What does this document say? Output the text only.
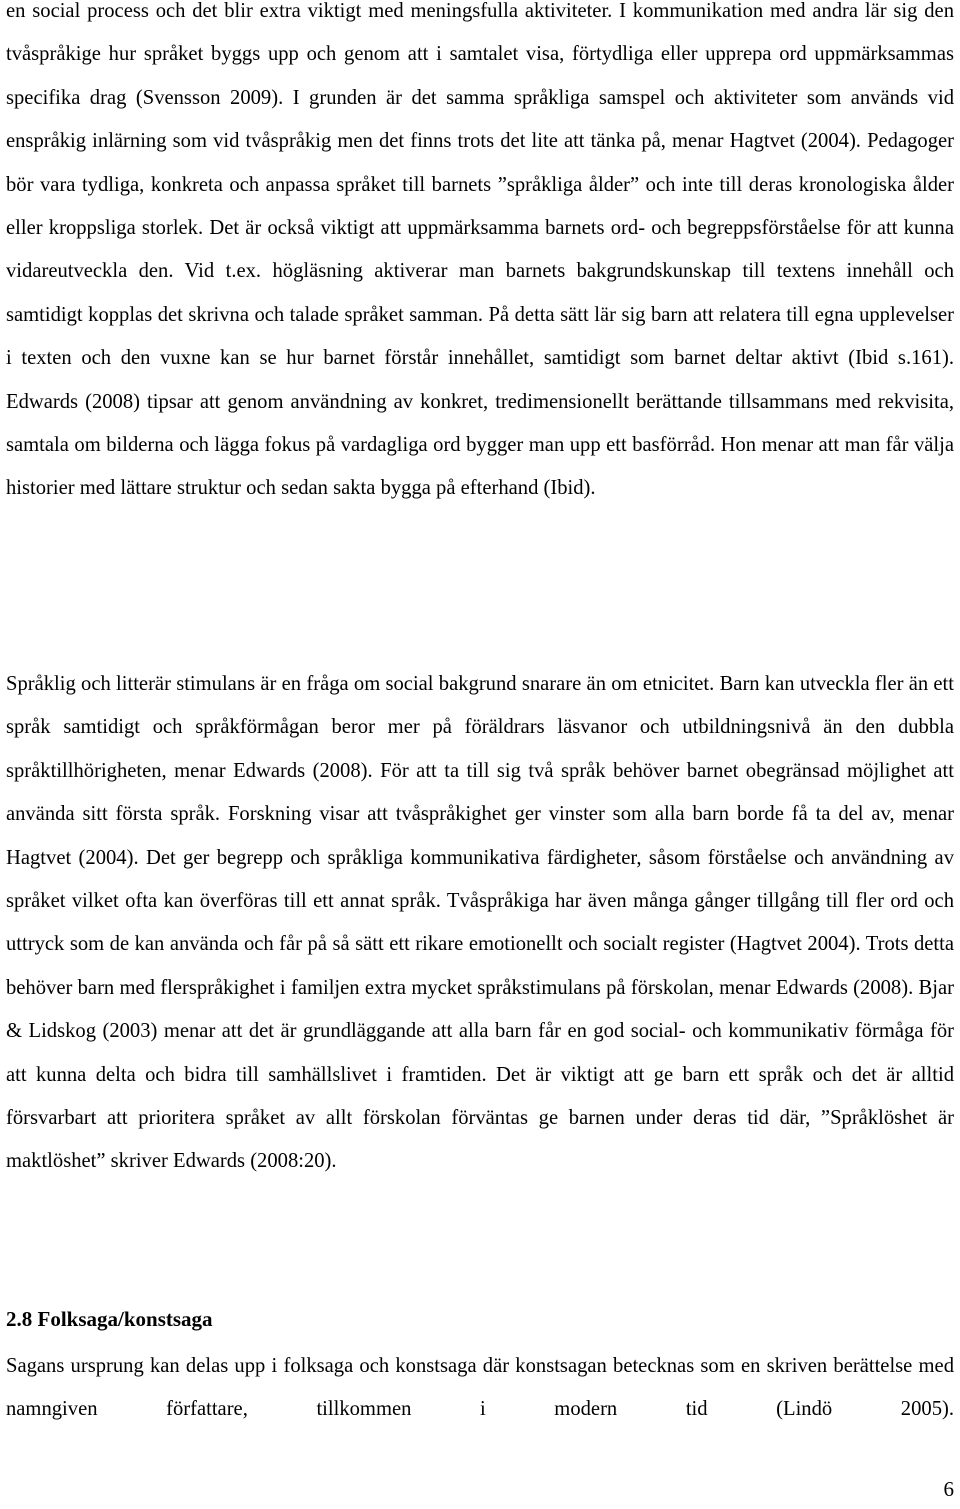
en social process och det blir extra viktigt med meningsfulla aktiviteter. I kommunikation med andra lär sig den tvåspråkige hur språket byggs upp och genom att i samtalet visa, förtydliga eller upprepa ord uppmärksammas specifika drag (Svensson 2009). I grunden är det samma språkliga samspel och aktiviteter som används vid enspråkig inlärning som vid tvåspråkig men det finns trots det lite att tänka på, menar Hagtvet (2004). Pedagoger bör vara tydliga, konkreta och anpassa språket till barnets ”språkliga ålder” och inte till deras kronologiska ålder eller kroppsliga storlek. Det är också viktigt att uppmärksamma barnets ord- och begreppsförståelse för att kunna vidareutveckla den. Vid t.ex. högläsning aktiverar man barnets bakgrundskunskap till textens innehåll och samtidigt kopplas det skrivna och talade språket samman. På detta sätt lär sig barn att relatera till egna upplevelser i texten och den vuxne kan se hur barnet förstår innehållet, samtidigt som barnet deltar aktivt (Ibid s.161). Edwards (2008) tipsar att genom användning av konkret, tredimensionellt berättande tillsammans med rekvisita, samtala om bilderna och lägga fokus på vardagliga ord bygger man upp ett basförråd. Hon menar att man får välja historier med lättare struktur och sedan sakta bygga på efterhand (Ibid).

Språklig och litterär stimulans är en fråga om social bakgrund snarare än om etnicitet. Barn kan utveckla fler än ett språk samtidigt och språkförmågan beror mer på föräldrars läsvanor och utbildningsnivå än den dubbla språktillhörigheten, menar Edwards (2008). För att ta till sig två språk behöver barnet obegränsad möjlighet att använda sitt första språk. Forskning visar att tvåspråkighet ger vinster som alla barn borde få ta del av, menar Hagtvet (2004). Det ger begrepp och språkliga kommunikativa färdigheter, såsom förståelse och användning av språket vilket ofta kan överföras till ett annat språk. Tvåspråkiga har även många gånger tillgång till fler ord och uttryck som de kan använda och får på så sätt ett rikare emotionellt och socialt register (Hagtvet 2004). Trots detta behöver barn med flerspråkighet i familjen extra mycket språkstimulans på förskolan, menar Edwards (2008). Bjar & Lidskog (2003) menar att det är grundläggande att alla barn får en god social- och kommunikativ förmåga för att kunna delta och bidra till samhällslivet i framtiden. Det är viktigt att ge barn ett språk och det är alltid försvarbart att prioritera språket av allt förskolan förväntas ge barnen under deras tid där, ”Språklöshet är maktlöshet” skriver Edwards (2008:20).

2.8 Folksaga/konstsaga

Sagans ursprung kan delas upp i folksaga och konstsaga där konstsagan betecknas som en skriven berättelse med namngiven författare, tillkommen i modern tid (Lindö 2005).

6
